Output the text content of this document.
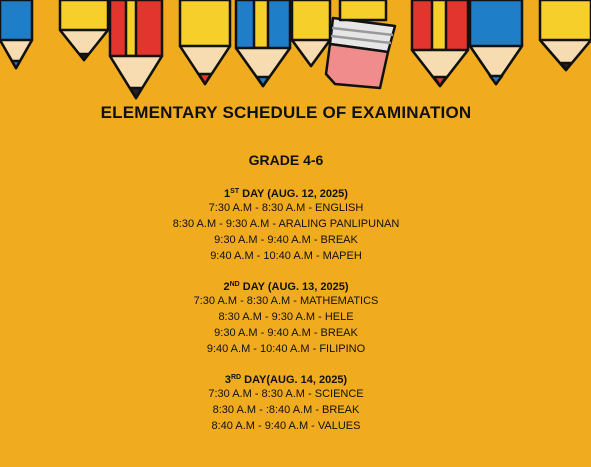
ELEMENTARY SCHEDULE OF EXAMINATION
GRADE 4-6
1ST DAY (AUG. 12, 2025)
7:30 A.M - 8:30 A.M - ENGLISH
8:30 A.M - 9:30 A.M - ARALING PANLIPUNAN
9:30 A.M - 9:40 A.M - BREAK
9:40 A.M - 10:40 A.M - MAPEH
2ND DAY (AUG. 13, 2025)
7:30 A.M - 8:30 A.M - MATHEMATICS
8:30 A.M - 9:30 A.M - HELE
9:30 A.M - 9:40 A.M - BREAK
9:40 A.M - 10:40 A.M - FILIPINO
3RD DAY(AUG. 14, 2025)
7:30 A.M - 8:30 A.M - SCIENCE
8:30 A.M - :8:40 A.M - BREAK
8:40 A.M - 9:40 A.M - VALUES
